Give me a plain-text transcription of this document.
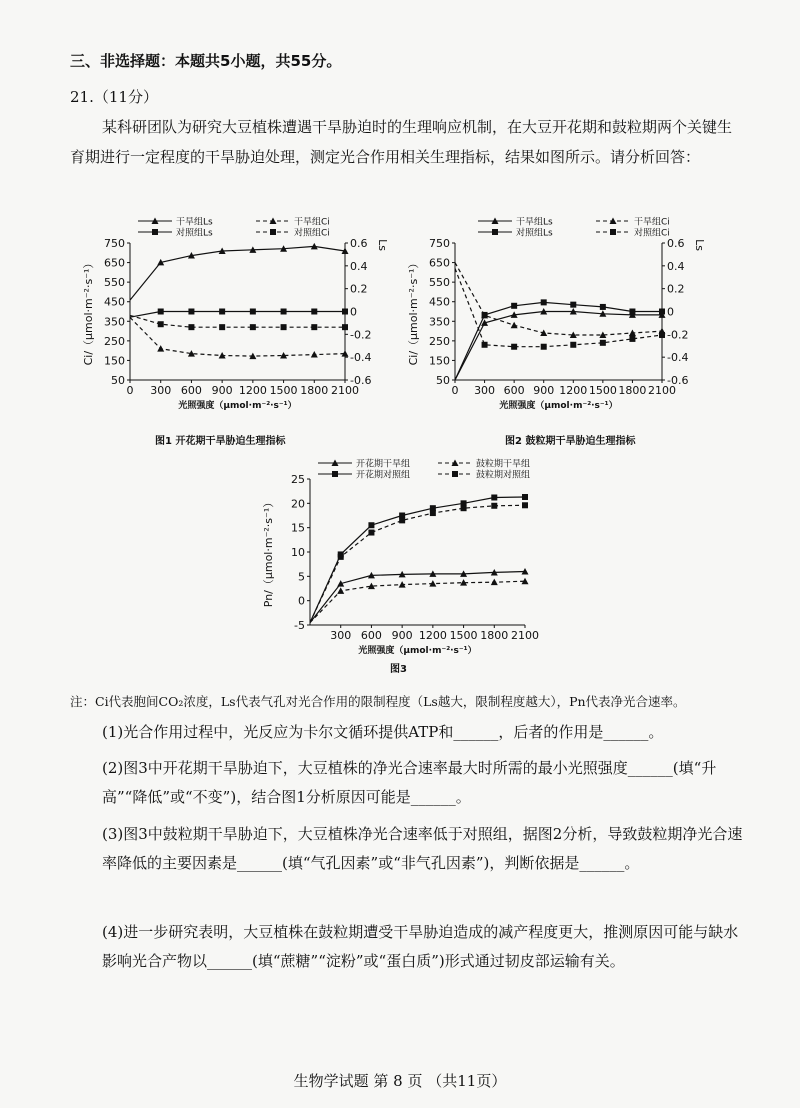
三、非选择题：本题共5小题，共55分。
21.（11分）
某科研团队为研究大豆植株遭遇干旱胁迫时的生理响应机制，在大豆开花期和鼓粒期两个关键生育期进行一定程度的干旱胁迫处理，测定光合作用相关生理指标，结果如图所示。请分析回答：
50
150
250
350
450
550
650
750
-0.6
-0.4
-0.2
0
0.2
0.4
0.6
0 300 600 900 1200 1500 1800 2100
光照强度（μmol·m⁻²·s⁻¹）
Ci/（μmol·m⁻²·s⁻¹）
Ls
干旱组Ls	干旱组Ci
对照组Ls	对照组Ci
图1 开花期干旱胁迫生理指标
50
150
250
350
450
550
650
750
-0.6
-0.4
-0.2
0
0.2
0.4
0.6
0 300 600 900 1200 1500 1800 2100
光照强度（μmol·m⁻²·s⁻¹）
Ci/（μmol·m⁻²·s⁻¹）
Ls
干旱组Ls	干旱组Ci
对照组Ls	对照组Ci
图2 鼓粒期干旱胁迫生理指标
-5
0
5
10
15
20
25
300 600 900 1200 1500 1800 2100
光照强度（μmol·m⁻²·s⁻¹）
Pn/（μmol·m⁻²·s⁻¹）
开花期干旱组	鼓粒期干旱组
开花期对照组	鼓粒期对照组
图3
注：Ci代表胞间CO₂浓度，Ls代表气孔对光合作用的限制程度（Ls越大，限制程度越大），Pn代表净光合速率。
(1)光合作用过程中，光反应为卡尔文循环提供ATP和______，后者的作用是______。
(2)图3中开花期干旱胁迫下，大豆植株的净光合速率最大时所需的最小光照强度______(填“升高”“降低”或“不变”)，结合图1分析原因可能是______。
(3)图3中鼓粒期干旱胁迫下，大豆植株净光合速率低于对照组，据图2分析，导致鼓粒期净光合速率降低的主要因素是______(填“气孔因素”或“非气孔因素”)，判断依据是______。
(4)进一步研究表明，大豆植株在鼓粒期遭受干旱胁迫造成的减产程度更大，推测原因可能与缺水影响光合产物以______(填“蔗糖”“淀粉”或“蛋白质”)形式通过韧皮部运输有关。
生物学试题 第 8 页 （共11页）
